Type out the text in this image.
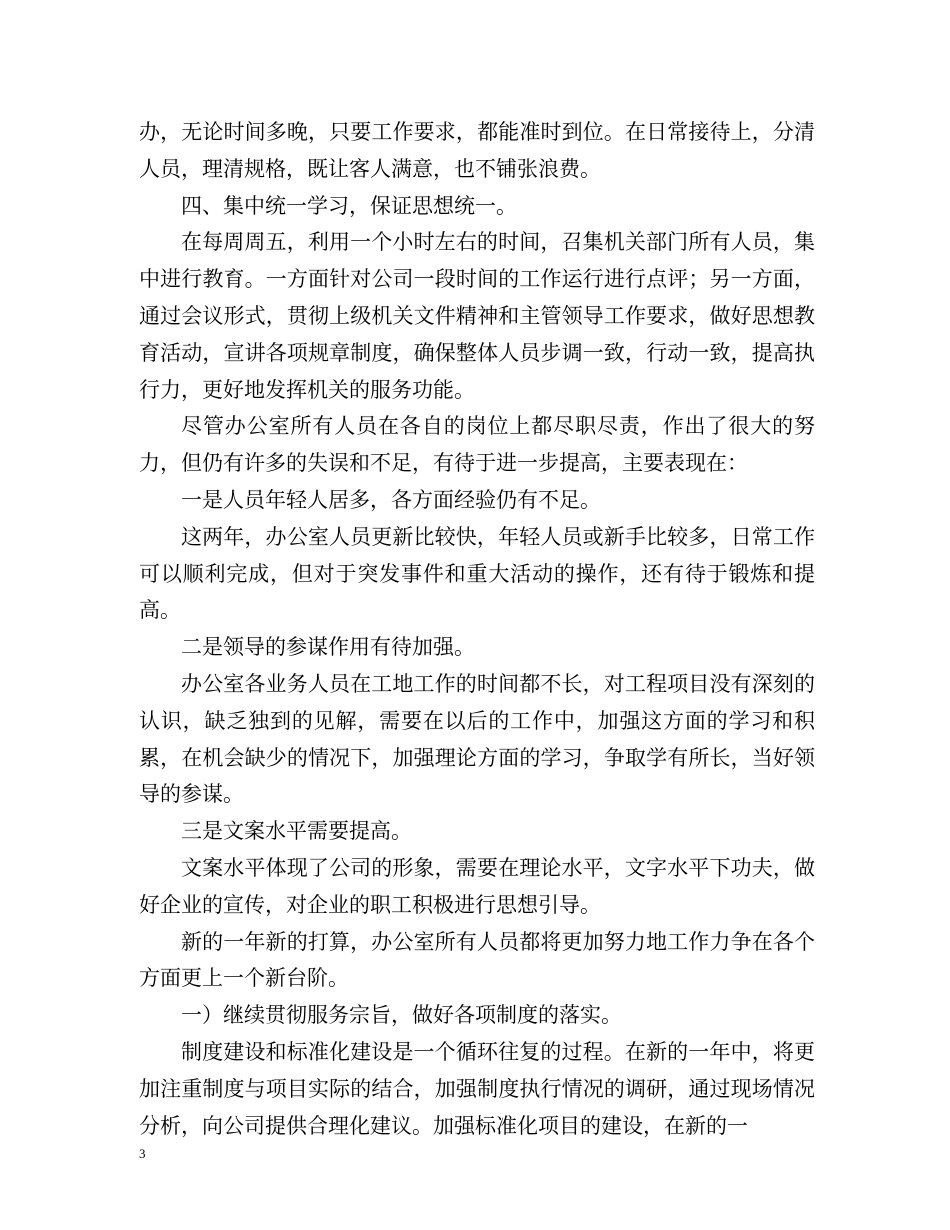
办，无论时间多晚，只要工作要求，都能准时到位。在日常接待上，分清人员，理清规格，既让客人满意，也不铺张浪费。

四、集中统一学习，保证思想统一。

在每周周五，利用一个小时左右的时间，召集机关部门所有人员，集中进行教育。一方面针对公司一段时间的工作运行进行点评；另一方面，通过会议形式，贯彻上级机关文件精神和主管领导工作要求，做好思想教育活动，宣讲各项规章制度，确保整体人员步调一致，行动一致，提高执行力，更好地发挥机关的服务功能。

尽管办公室所有人员在各自的岗位上都尽职尽责，作出了很大的努力，但仍有许多的失误和不足，有待于进一步提高，主要表现在：

一是人员年轻人居多，各方面经验仍有不足。

这两年，办公室人员更新比较快，年轻人员或新手比较多，日常工作可以顺利完成，但对于突发事件和重大活动的操作，还有待于锻炼和提高。

二是领导的参谋作用有待加强。

办公室各业务人员在工地工作的时间都不长，对工程项目没有深刻的认识，缺乏独到的见解，需要在以后的工作中，加强这方面的学习和积累，在机会缺少的情况下，加强理论方面的学习，争取学有所长，当好领导的参谋。

三是文案水平需要提高。

文案水平体现了公司的形象，需要在理论水平，文字水平下功夫，做好企业的宣传，对企业的职工积极进行思想引导。

新的一年新的打算，办公室所有人员都将更加努力地工作力争在各个方面更上一个新台阶。

一）继续贯彻服务宗旨，做好各项制度的落实。

制度建设和标准化建设是一个循环往复的过程。在新的一年中，将更加注重制度与项目实际的结合，加强制度执行情况的调研，通过现场情况分析，向公司提供合理化建议。加强标准化项目的建设，在新的一

3
